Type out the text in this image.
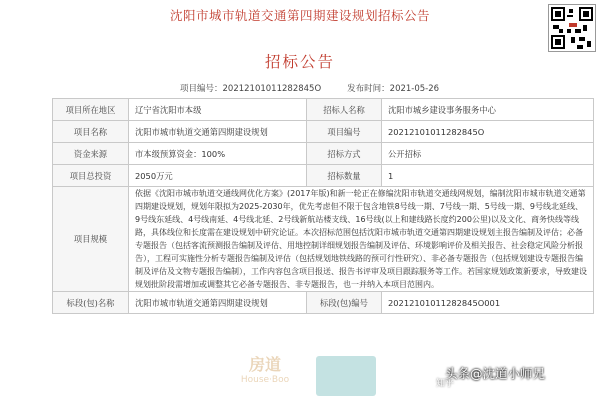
沈阳市城市轨道交通第四期建设规划招标公告
招标公告
项目编号：20212101011282845O	发布时间：2021-05-26
项目所在地区	辽宁省沈阳市本级	招标人名称	沈阳市城乡建设事务服务中心
项目名称	沈阳市城市轨道交通第四期建设规划	项目编号	20212101011282845O
资金来源	市本级预算资金：100%	招标方式	公开招标
项目总投资	2050万元	招标数量	1
项目规模	依据《沈阳市城市轨道交通线网优化方案》(2017年版)和新一轮正在修编沈阳市轨道交通线网规划，编制沈阳市城市轨道交通第四期建设规划，规划年限拟为2025-2030年，优先考虑但不限于包含地铁8号线一期、7号线一期、5号线一期、9号线北延线、9号线东延线、4号线南延、4号线北延、2号线新航站楼支线、16号线(以上和建线路长度约200公里)以及文化、商务快线等线路，具体线位和长度需在建设规划中研究论证。本次招标范围包括沈阳市城市轨道交通第四期建设规划主报告编制及评估；必备专题报告（包括客流预测报告编制及评估、用地控制详细规划报告编制及评估、环境影响评价及相关报告、社会稳定风险分析报告），工程可实施性分析专题报告编制及评估（包括规划地铁线路的预可行性研究）、非必备专题报告（包括规划建设专题报告编制及评估及文物专题报告编制），工作内容包含项目报送、报告书评审及项目跟踪服务等工作。若国家规划政策新要求，导致建设规划批阶段需增加或调整其它必备专题报告、非专题报告，也一并纳入本项目范围内。		
标段(包)名称	沈阳市城市轨道交通第四期建设规划	标段(包)编号	20212101011282845O001
房道
House·Boo	知乎
头条@沈道小师兄
